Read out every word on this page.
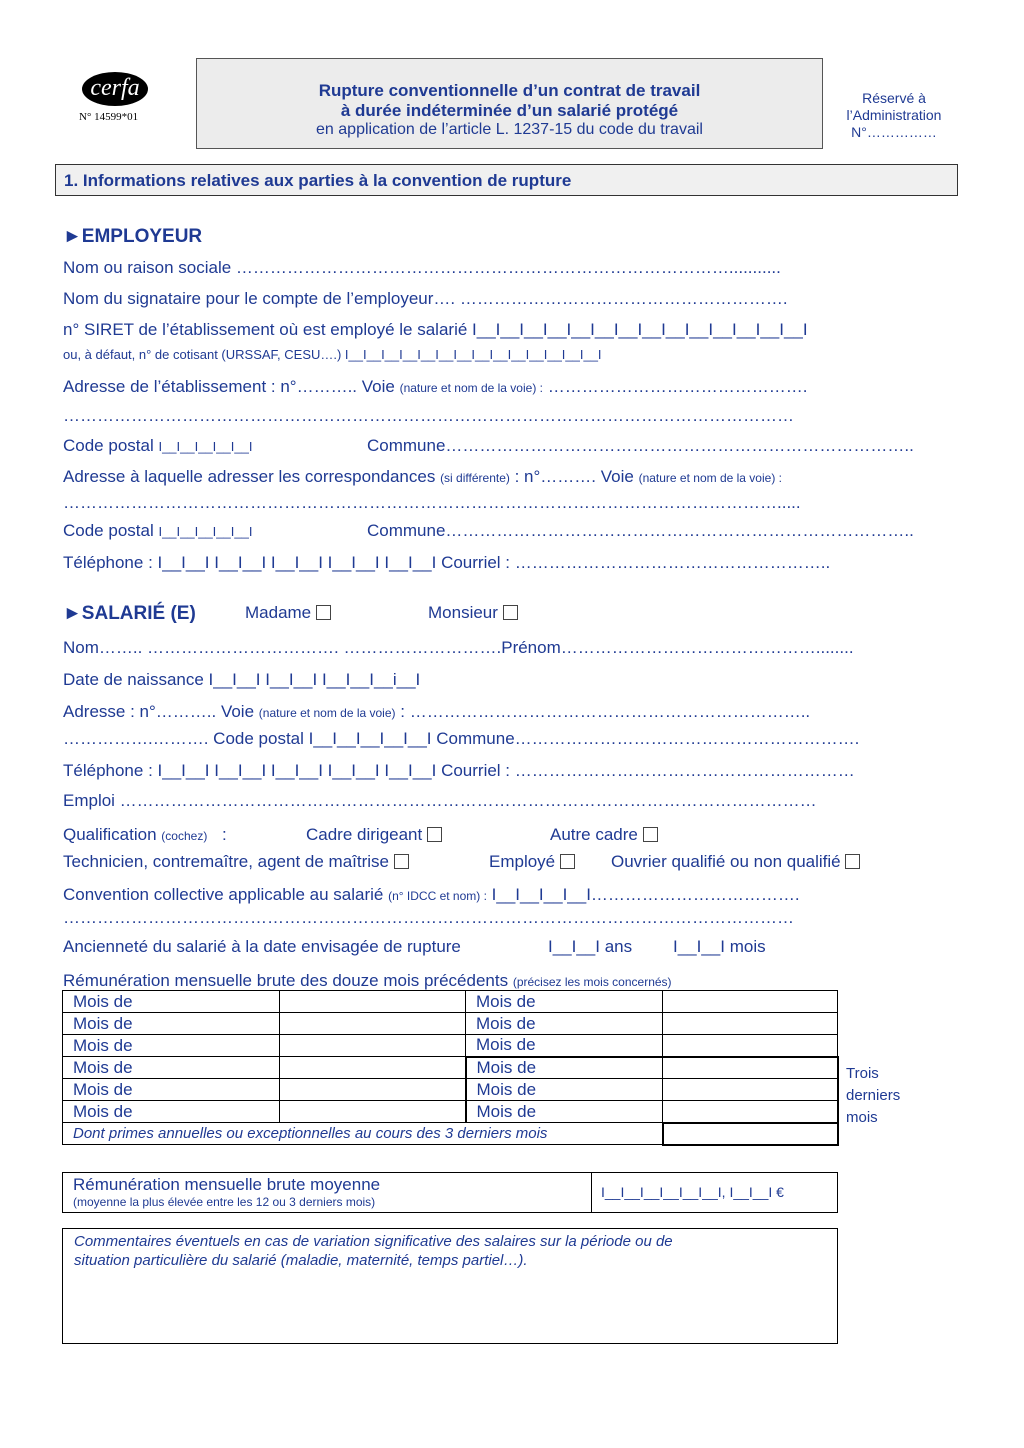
cerfa
N° 14599*01
Rupture conventionnelle d’un contrat de travail
à durée indéterminée d’un salarié protégé
en application de l’article L. 1237-15 du code du travail
Réservé à
l’Administration
N°……………
1. Informations relatives aux parties à la convention de rupture
►EMPLOYEUR
Nom ou raison sociale ……………………………………………………………………………...........
Nom du signataire pour le compte de l’employeur…. ………………………………………………….
n° SIRET de l’établissement où est employé le salarié I__I__I__I__I__I__I__I__I__I__I__I__I__I__I
ou, à défaut, n° de cotisant (URSSAF, CESU….) I__I__I__I__I__I__I__I__I__I__I__I__I__I__I
Adresse de l’établissement : n°……….. Voie (nature et nom de la voie) : ……………………………………….
…………………………………………………………………………………………………………………
Code postal I__I__I__I__I__I	Commune………………………………………………………………………..
Adresse à laquelle adresser les correspondances (si différente) : n°………. Voie (nature et nom de la voie) :
……………………………………………………………………………………………………………….....
Code postal I__I__I__I__I__I	Commune………………………………………………………………………..
Téléphone : I__I__I I__I__I I__I__I I__I__I I__I__I Courriel : ………………………………………………..
►SALARIÉ (E)	Madame	Monsieur
Nom…….. ……………………………. ……………………….Prénom………………………………………........
Date de naissance I__I__I I__I__I I__I__I__i__I
Adresse : n°……….. Voie (nature et nom de la voie) : ……………………………………………………………..
…………….………. Code postal I__I__I__I__I__I Commune…………………………………………………….
Téléphone : I__I__I I__I__I I__I__I I__I__I I__I__I Courriel : ……………………………………………………
Emploi ……………………………………………………………………………………………………………
Qualification (cochez) :	Cadre dirigeant	Autre cadre
Technicien, contremaître, agent de maîtrise	Employé	Ouvrier qualifié ou non qualifié
Convention collective applicable au salarié (n° IDCC et nom) : I__I__I__I__I……………………………….
…………………………………………………………………………………………………………………
Ancienneté du salarié à la date envisagée de rupture	I__I__I ans I__I__I mois
Rémunération mensuelle brute des douze mois précédents (précisez les mois concernés)
Mois de		Mois de	
Mois de		Mois de	
Mois de		Mois de	
Mois de		Mois de	
Mois de		Mois de	
Mois de		Mois de	
Dont primes annuelles ou exceptionnelles au cours des 3 derniers mois			
Trois
derniers
mois
Rémunération mensuelle brute moyenne
(moyenne la plus élevée entre les 12 ou 3 derniers mois)
I__I__I__I__I__I__I, I__I__I €
Commentaires éventuels en cas de variation significative des salaires sur la période ou de
situation particulière du salarié (maladie, maternité, temps partiel…).
